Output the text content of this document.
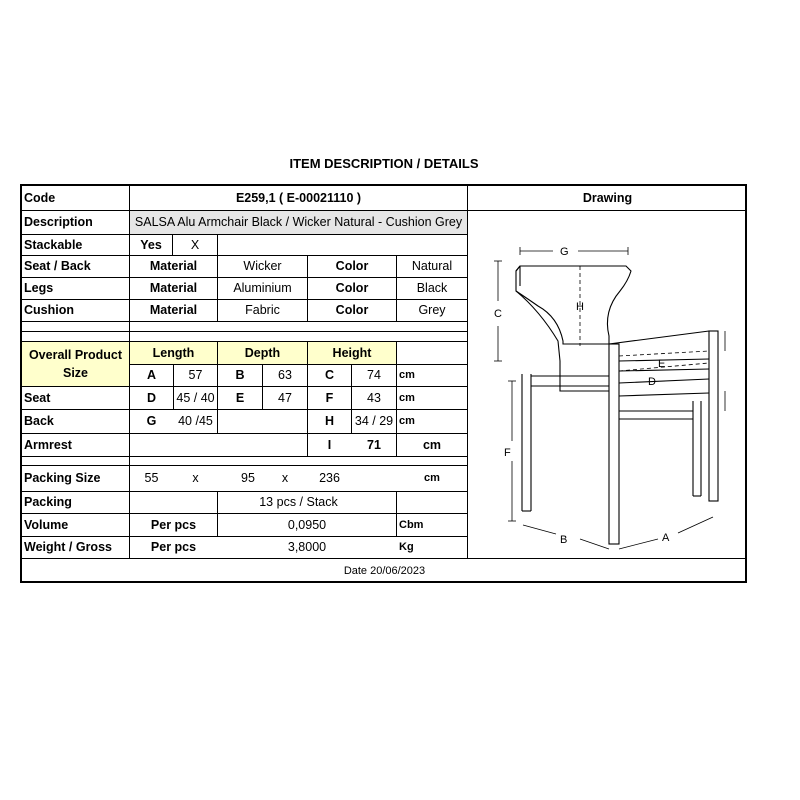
ITEM DESCRIPTION / DETAILS
Code	E259,1 ( E-00021110 )	Drawing
Description	SALSA Alu Armchair Black / Wicker Natural - Cushion Grey
Stackable	Yes	X
Seat / Back	Material	Wicker	Color	Natural
Legs	Material	Aluminium	Color	Black
Cushion	Material	Fabric	Color	Grey
Overall Product Size
Length	Depth	Height
A	57	B	63	C	74	cm
Seat	D	45 / 40	E	47	F	43	cm
Back	G	40 /45	H	34 / 29 cm
Armrest	I	71	cm
Packing Size	55	x	95	x	236	cm
Packing	13 pcs / Stack
Volume	Per pcs	0,0950	Cbm
Weight / Gross	Per pcs	3,8000	Kg
Date 20/06/2023
G
H
C
E
D
F
B	A
